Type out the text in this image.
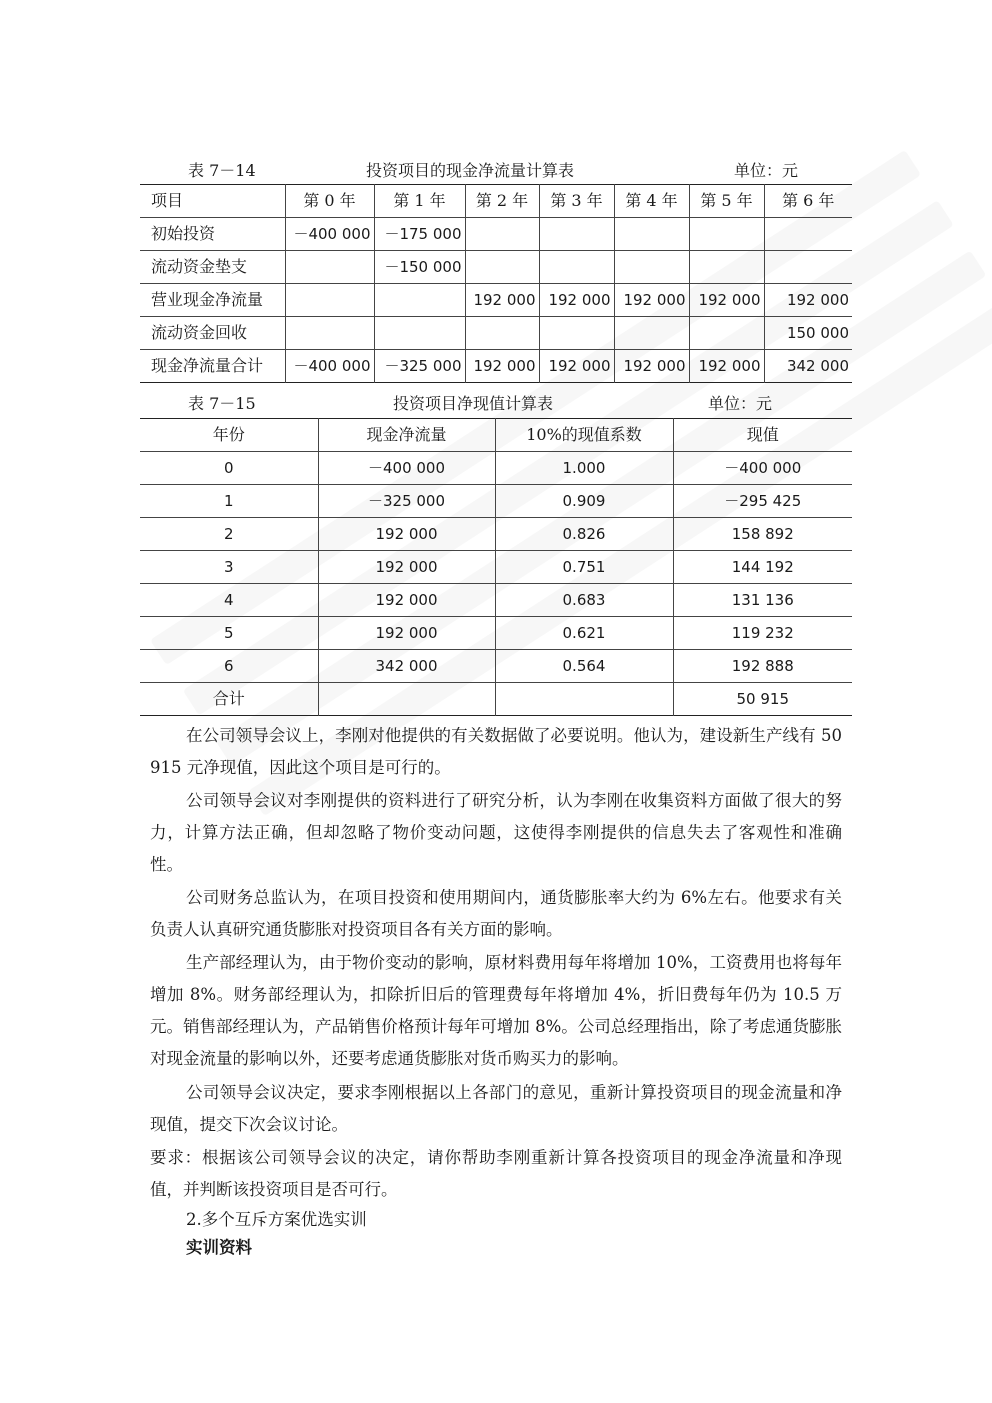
表 7－14	投资项目的现金净流量计算表	单位：元
项目	第 0 年	第 1 年	第 2 年	第 3 年	第 4 年	第 5 年	第 6 年
初始投资	－400 000	－175 000					
流动资金垫支		－150 000					
营业现金净流量			192 000	192 000	192 000	192 000	192 000
流动资金回收							150 000
现金净流量合计	－400 000	－325 000	192 000	192 000	192 000	192 000	342 000
表 7－15	投资项目净现值计算表	单位：元
年份	现金净流量	10%的现值系数	现值
0	－400 000	1.000	－400 000
1	－325 000	0.909	－295 425
2	192 000	0.826	158 892
3	192 000	0.751	144 192
4	192 000	0.683	131 136
5	192 000	0.621	119 232
6	342 000	0.564	192 888
合计			50 915

在公司领导会议上，李刚对他提供的有关数据做了必要说明。他认为，建设新生产线有 50 915 元净现值，因此这个项目是可行的。

公司领导会议对李刚提供的资料进行了研究分析，认为李刚在收集资料方面做了很大的努力，计算方法正确，但却忽略了物价变动问题，这使得李刚提供的信息失去了客观性和准确性。

公司财务总监认为，在项目投资和使用期间内，通货膨胀率大约为 6%左右。他要求有关负责人认真研究通货膨胀对投资项目各有关方面的影响。

生产部经理认为，由于物价变动的影响，原材料费用每年将增加 10%，工资费用也将每年增加 8%。财务部经理认为，扣除折旧后的管理费每年将增加 4%，折旧费每年仍为 10.5 万元。销售部经理认为，产品销售价格预计每年可增加 8%。公司总经理指出，除了考虑通货膨胀对现金流量的影响以外，还要考虑通货膨胀对货币购买力的影响。

公司领导会议决定，要求李刚根据以上各部门的意见，重新计算投资项目的现金流量和净现值，提交下次会议讨论。

要求：根据该公司领导会议的决定，请你帮助李刚重新计算各投资项目的现金净流量和净现值，并判断该投资项目是否可行。

2.多个互斥方案优选实训

实训资料
